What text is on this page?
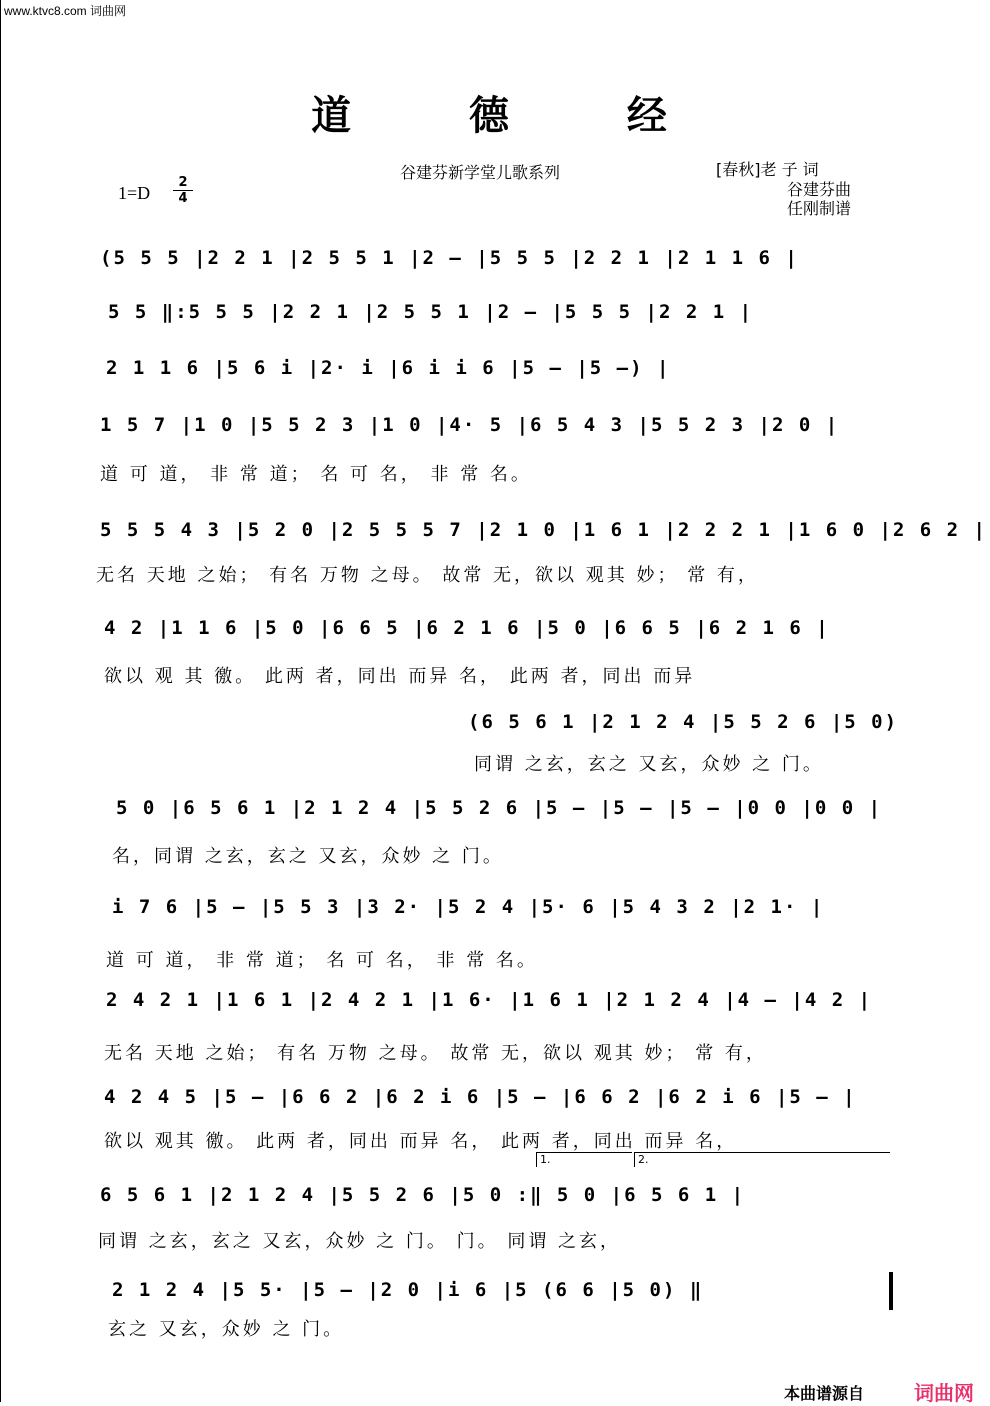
www.ktvc8.com 词曲网
道 德 经
谷建芬新学堂儿歌系列	[春秋]老 子 词
谷建芬曲
任刚制谱
1=D
2
4
(5 5 5 |2 2 1 |2 5 5 1 |2 – |5 5 5 |2 2 1 |2 1 1 6 |
5 5 ‖:5 5 5 |2 2 1 |2 5 5 1 |2 – |5 5 5 |2 2 1 |
2 1 1 6 |5 6 i |2· i |6 i i 6 |5 – |5 –) |
1 5 7 |1 0 |5 5 2 3 |1 0 |4· 5 |6 5 4 3 |5 5 2 3 |2 0 |
道 可 道， 非 常 道； 名 可 名， 非 常 名。
5 5 5 4 3 |5 2 0 |2 5 5 5 7 |2 1 0 |1 6 1 |2 2 2 1 |1 6 0 |2 6 2 |
无名 天地 之始； 有名 万物 之母。 故常 无，欲以 观其 妙； 常 有，
4 2 |1 1 6 |5 0 |6 6 5 |6 2 1 6 |5 0 |6 6 5 |6 2 1 6 |
欲以 观 其 徼。 此两 者，同出 而异 名， 此两 者，同出 而异
(6 5 6 1 |2 1 2 4 |5 5 2 6 |5 0)
同谓 之玄，玄之 又玄，众妙 之 门。
5 0 |6 5 6 1 |2 1 2 4 |5 5 2 6 |5 – |5 – |5 – |0 0 |0 0 |
名，同谓 之玄，玄之 又玄，众妙 之 门。
i 7 6 |5 – |5 5 3 |3 2· |5 2 4 |5· 6 |5 4 3 2 |2 1· |
道 可 道， 非 常 道； 名 可 名， 非 常 名。
2 4 2 1 |1 6 1 |2 4 2 1 |1 6· |1 6 1 |2 1 2 4 |4 – |4 2 |
无名 天地 之始； 有名 万物 之母。 故常 无，欲以 观其 妙； 常 有，
4 2 4 5 |5 – |6 6 2 |6 2 i 6 |5 – |6 6 2 |6 2 i 6 |5 – |
欲以 观其 徼。 此两 者，同出 而异 名， 此两 者，同出 而异 名，
1.	2.
6 5 6 1 |2 1 2 4 |5 5 2 6 |5 0 :‖ 5 0 |6 5 6 1 |
同谓 之玄，玄之 又玄，众妙 之 门。 门。 同谓 之玄，
2 1 2 4 |5 5· |5 – |2 0 |i 6 |5 (6 6 |5 0) ‖
玄之 又玄，众妙 之 门。
本曲谱源自	词曲网
